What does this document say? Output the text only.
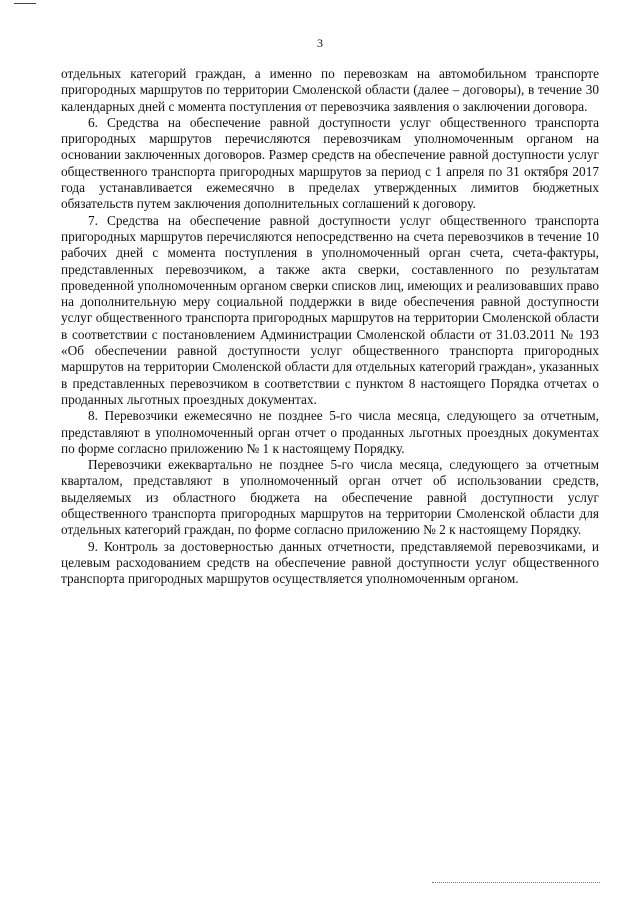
3

отдельных категорий граждан, а именно по перевозкам на автомобильном транспорте пригородных маршрутов по территории Смоленской области (далее – договоры), в течение 30 календарных дней с момента поступления от перевозчика заявления о заключении договора.

6. Средства на обеспечение равной доступности услуг общественного транспорта пригородных маршрутов перечисляются перевозчикам уполномоченным органом на основании заключенных договоров. Размер средств на обеспечение равной доступности услуг общественного транспорта пригородных маршрутов за период с 1 апреля по 31 октября 2017 года устанавливается ежемесячно в пределах утвержденных лимитов бюджетных обязательств путем заключения дополнительных соглашений к договору.

7. Средства на обеспечение равной доступности услуг общественного транспорта пригородных маршрутов перечисляются непосредственно на счета перевозчиков в течение 10 рабочих дней с момента поступления в уполномоченный орган счета, счета-фактуры, представленных перевозчиком, а также акта сверки, составленного по результатам проведенной уполномоченным органом сверки списков лиц, имеющих и реализовавших право на дополнительную меру социальной поддержки в виде обеспечения равной доступности услуг общественного транспорта пригородных маршрутов на территории Смоленской области в соответствии с постановлением Администрации Смоленской области от 31.03.2011 № 193 «Об обеспечении равной доступности услуг общественного транспорта пригородных маршрутов на территории Смоленской области для отдельных категорий граждан», указанных в представленных перевозчиком в соответствии с пунктом 8 настоящего Порядка отчетах о проданных льготных проездных документах.

8. Перевозчики ежемесячно не позднее 5-го числа месяца, следующего за отчетным, представляют в уполномоченный орган отчет о проданных льготных проездных документах по форме согласно приложению № 1 к настоящему Порядку.

Перевозчики ежеквартально не позднее 5-го числа месяца, следующего за отчетным кварталом, представляют в уполномоченный орган отчет об использовании средств, выделяемых из областного бюджета на обеспечение равной доступности услуг общественного транспорта пригородных маршрутов на территории Смоленской области для отдельных категорий граждан, по форме согласно приложению № 2 к настоящему Порядку.

9. Контроль за достоверностью данных отчетности, представляемой перевозчиками, и целевым расходованием средств на обеспечение равной доступности услуг общественного транспорта пригородных маршрутов осуществляется уполномоченным органом.
